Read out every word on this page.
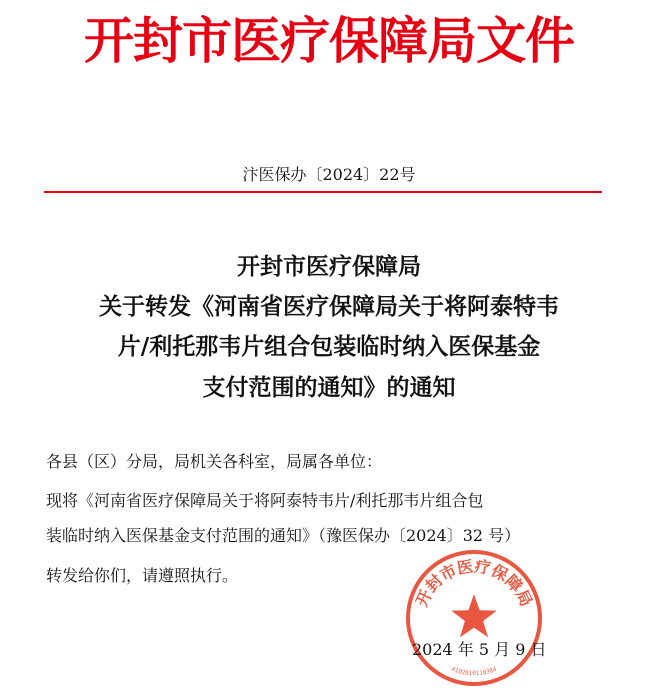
开封市医疗保障局文件
汴医保办〔2024〕22号
开封市医疗保障局
关于转发《河南省医疗保障局关于将阿泰特韦
片/利托那韦片组合包装临时纳入医保基金
支付范围的通知》的通知
各县（区）分局，局机关各科室，局属各单位：
现将《河南省医疗保障局关于将阿泰特韦片/利托那韦片组合包
装临时纳入医保基金支付范围的通知》（豫医保办〔2024〕32 号）
转发给你们，请遵照执行。
开封市医疗保障局
4102010110384
2024 年 5 月 9 日
